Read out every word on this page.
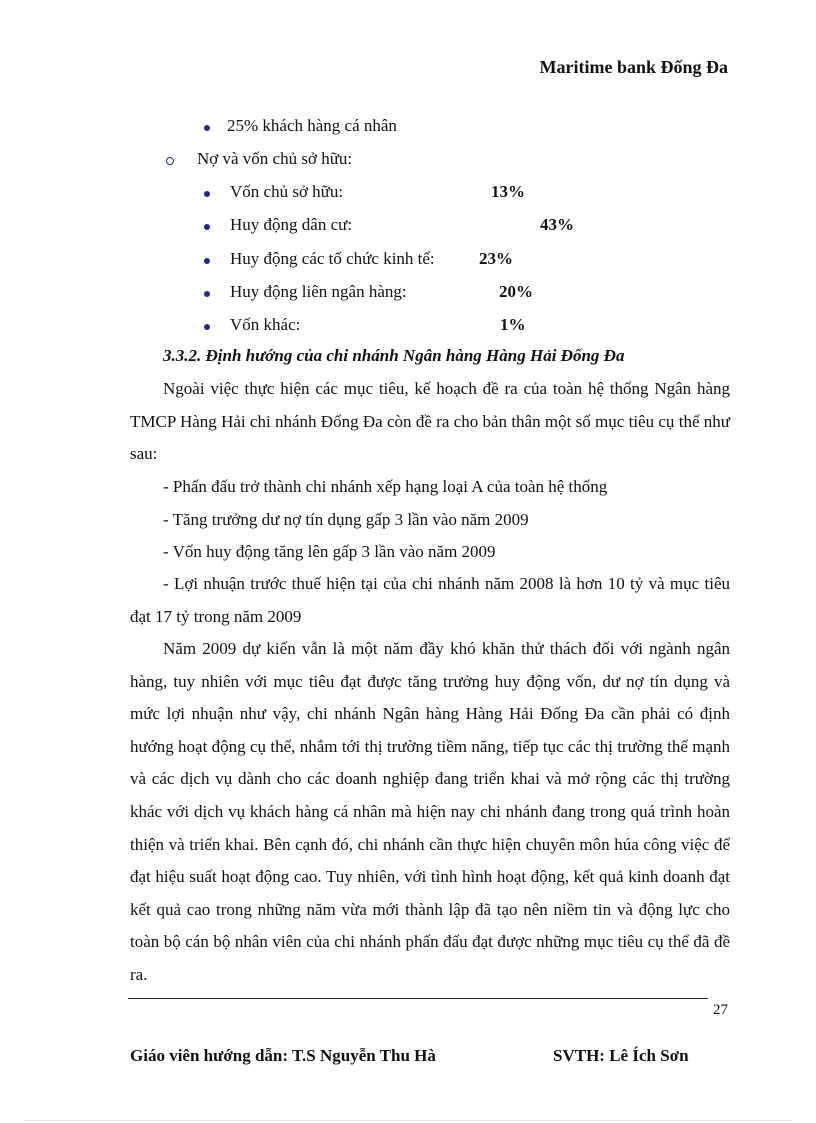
Maritime bank Đống Đa
25% khách hàng cá nhân
Nợ và vốn chủ sở hữu:
Vốn chủ sở hữu:	13%
Huy động dân cư:	43%
Huy động các tổ chức kinh tế:	23%
Huy động liên ngân hàng:	20%
Vốn khác:	1%
3.3.2. Định hướng của chi nhánh Ngân hàng Hàng Hải Đống Đa
Ngoài việc thực hiện các mục tiêu, kế hoạch đề ra của toàn hệ thống Ngân hàng TMCP Hàng Hải chi nhánh Đống Đa còn đề ra cho bản thân một số mục tiêu cụ thể như sau:
- Phấn đấu trở thành chi nhánh xếp hạng loại A của toàn hệ thống
- Tăng trưởng dư nợ tín dụng gấp 3 lần vào năm 2009
- Vốn huy động tăng lên gấp 3 lần vào năm 2009
- Lợi nhuận trước thuế hiện tại của chi nhánh năm 2008 là hơn 10 tỷ và mục tiêu đạt 17 tỷ trong năm 2009
Năm 2009 dự kiến vẫn là một năm đầy khó khăn thử thách đối với ngành ngân hàng, tuy nhiên với mục tiêu đạt được tăng trưởng huy động vốn, dư nợ tín dụng và mức lợi nhuận như vậy, chi nhánh Ngân hàng Hàng Hải Đống Đa cần phải có định hướng hoạt động cụ thể, nhắm tới thị trường tiềm năng, tiếp tục các thị trường thế mạnh và các dịch vụ dành cho các doanh nghiệp đang triển khai và mở rộng các thị trường khác với dịch vụ khách hàng cá nhân mà hiện nay chi nhánh đang trong quá trình hoàn thiện và triển khai. Bên cạnh đó, chi nhánh cần thực hiện chuyên môn húa công việc để đạt hiệu suất hoạt động cao. Tuy nhiên, với tình hình hoạt động, kết quả kinh doanh đạt kết quả cao trong những năm vừa mới thành lập đã tạo nên niềm tin và động lực cho toàn bộ cán bộ nhân viên của chi nhánh phấn đấu đạt được những mục tiêu cụ thể đã đề ra.
27
Giáo viên hướng dẫn: T.S Nguyễn Thu Hà	SVTH: Lê Ích Sơn
